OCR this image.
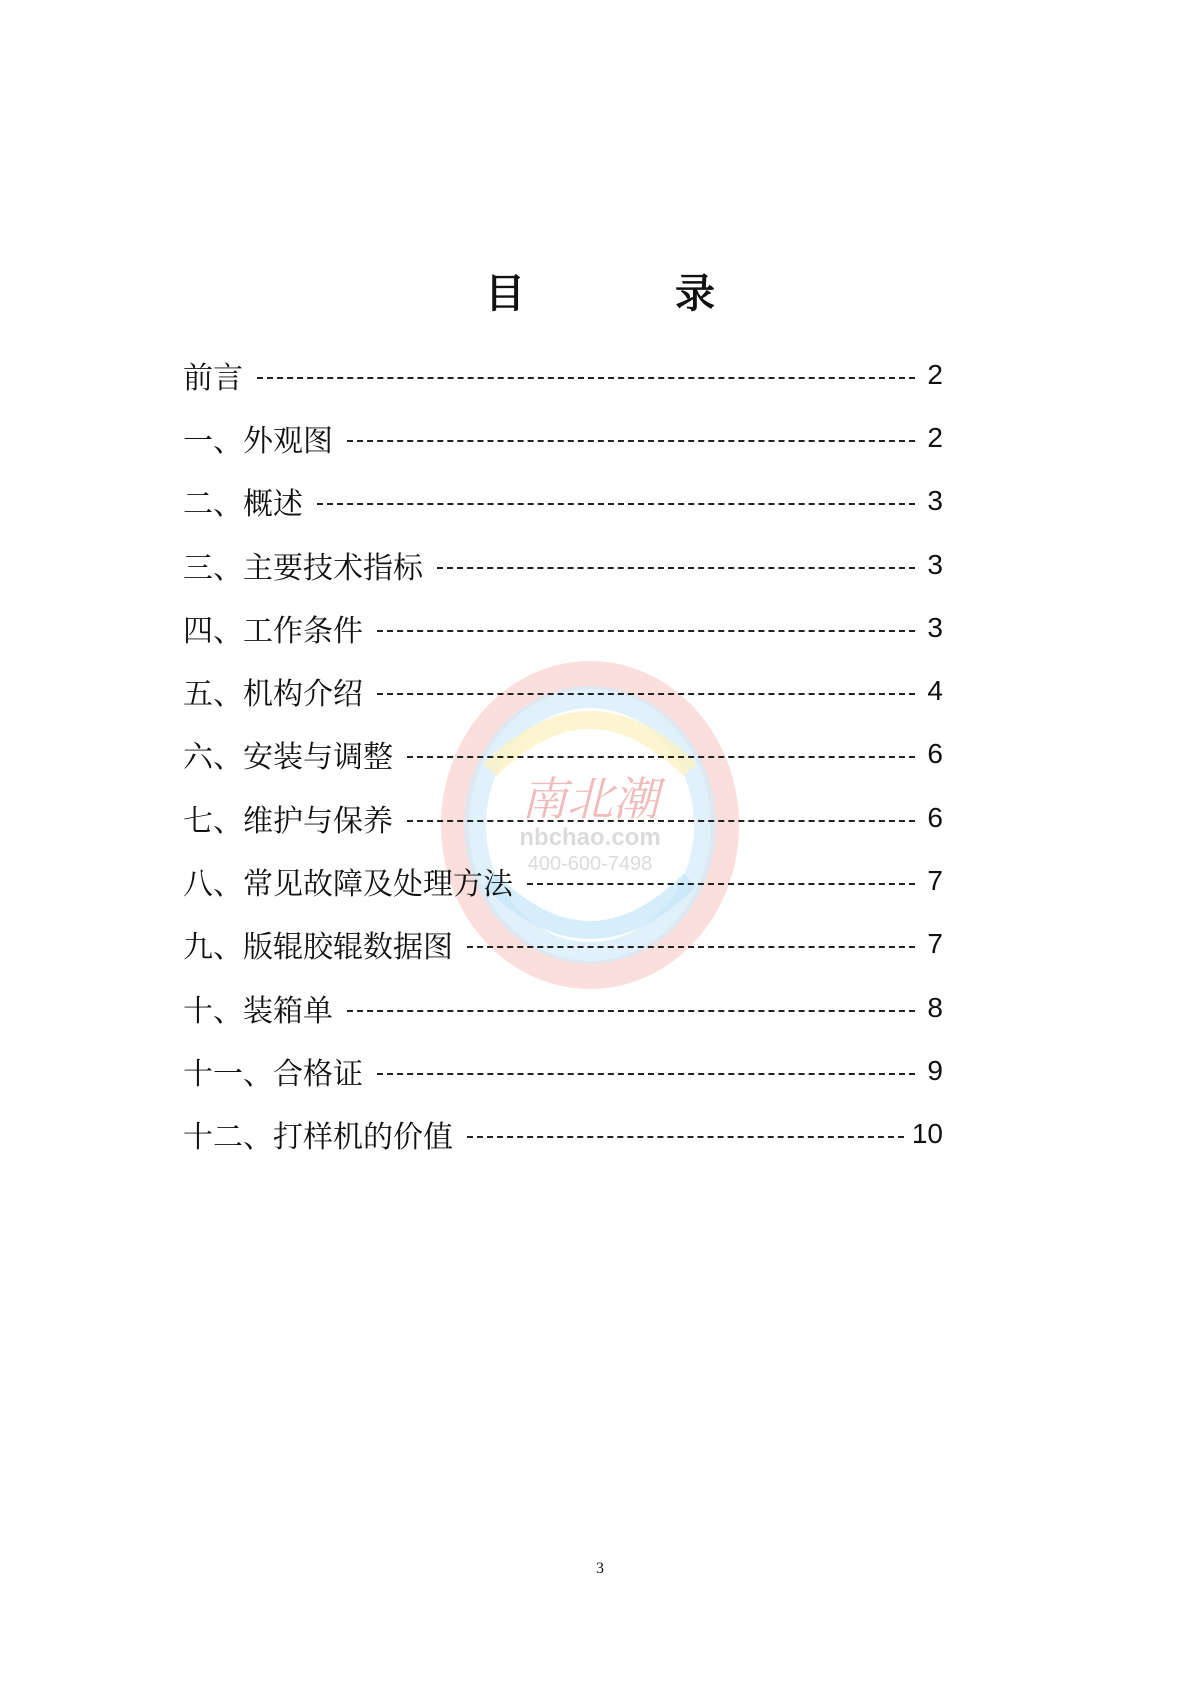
南北潮
nbchao.com
400-600-7498
目	录
前言	2
一、外观图	2
二、概述	3
三、主要技术指标	3
四、工作条件	3
五、机构介绍	4
六、安装与调整	6
七、维护与保养	6
八、常见故障及处理方法	7
九、版辊胶辊数据图	7
十、装箱单	8
十一、合格证	9
十二、打样机的价值	10
3
